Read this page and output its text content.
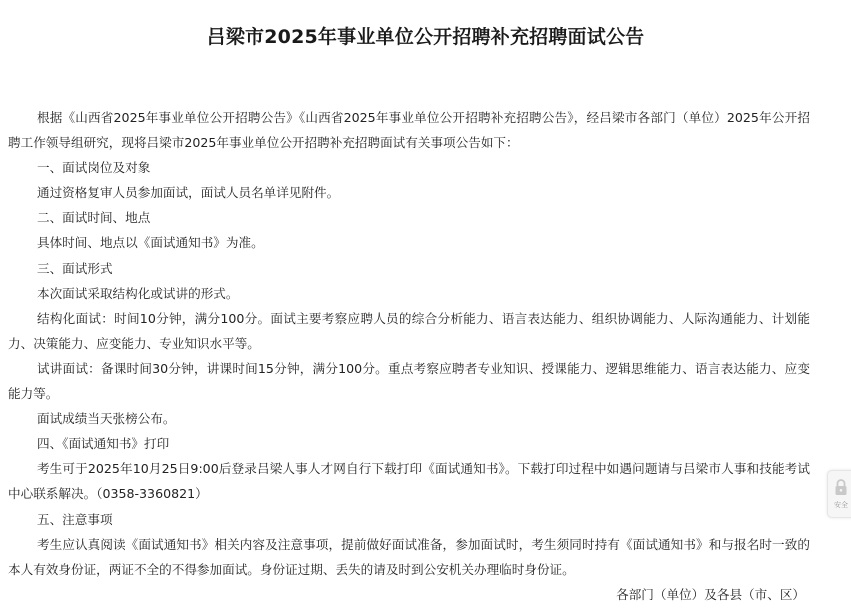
吕梁市2025年事业单位公开招聘补充招聘面试公告

根据《山西省2025年事业单位公开招聘公告》《山西省2025年事业单位公开招聘补充招聘公告》，经吕梁市各部门（单位）2025年公开招聘工作领导组研究，现将吕梁市2025年事业单位公开招聘补充招聘面试有关事项公告如下：

一、面试岗位及对象

通过资格复审人员参加面试，面试人员名单详见附件。

二、面试时间、地点

具体时间、地点以《面试通知书》为准。

三、面试形式

本次面试采取结构化或试讲的形式。

结构化面试：时间10分钟，满分100分。面试主要考察应聘人员的综合分析能力、语言表达能力、组织协调能力、人际沟通能力、计划能力、决策能力、应变能力、专业知识水平等。

试讲面试：备课时间30分钟，讲课时间15分钟，满分100分。重点考察应聘者专业知识、授课能力、逻辑思维能力、语言表达能力、应变能力等。

面试成绩当天张榜公布。

四、《面试通知书》打印

考生可于2025年10月25日9:00后登录吕梁人事人才网自行下载打印《面试通知书》。下载打印过程中如遇问题请与吕梁市人事和技能考试中心联系解决。（0358-3360821）

五、注意事项

考生应认真阅读《面试通知书》相关内容及注意事项，提前做好面试准备，参加面试时，考生须同时持有《面试通知书》和与报名时一致的本人有效身份证，两证不全的不得参加面试。身份证过期、丢失的请及时到公安机关办理临时身份证。

各部门（单位）及各县（市、区）

安全
